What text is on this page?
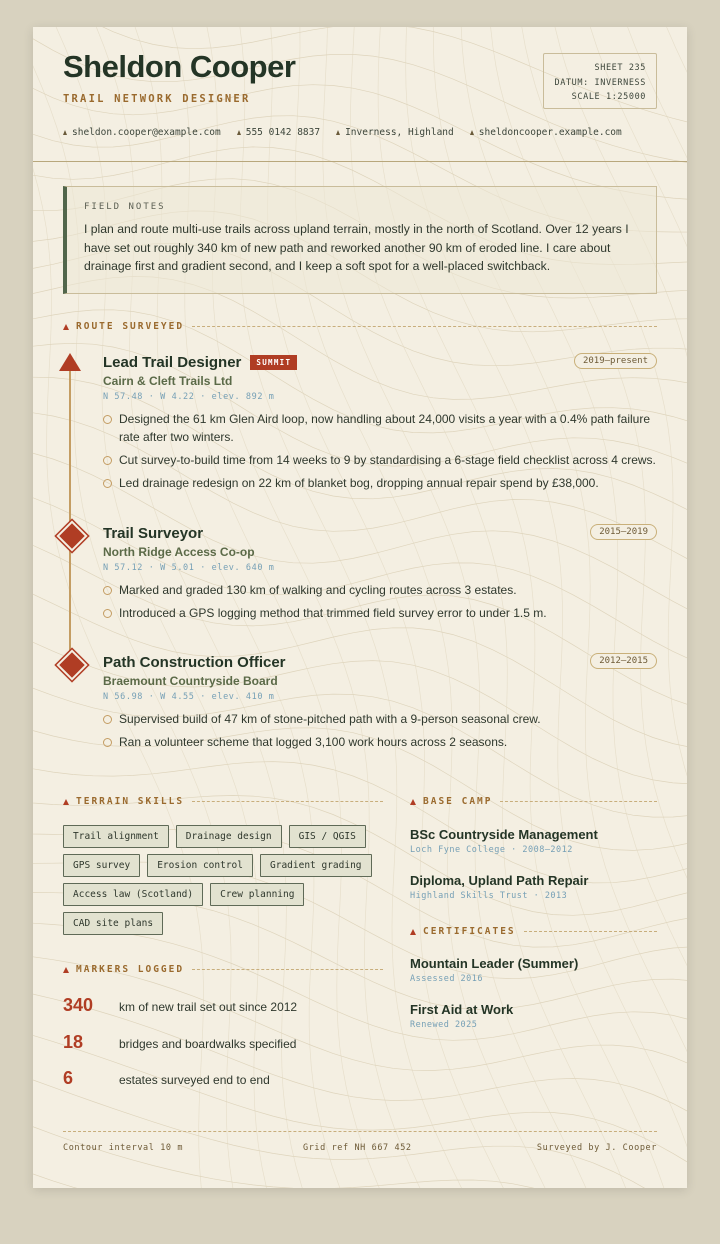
Sheldon Cooper
TRAIL NETWORK DESIGNER
SHEET 235
DATUM: INVERNESS
SCALE 1:25000
sheldon.cooper@example.com	555 0142 8837	Inverness, Highland	sheldoncooper.example.com
FIELD NOTES
I plan and route multi-use trails across upland terrain, mostly in the north of Scotland. Over 12 years I have set out roughly 340 km of new path and reworked another 90 km of eroded line. I care about drainage first and gradient second, and I keep a soft spot for a well-placed switchback.
ROUTE SURVEYED
Lead Trail Designer	SUMMIT	2019–present
Cairn & Cleft Trails Ltd
N 57.48 · W 4.22 · elev. 892 m
Designed the 61 km Glen Aird loop, now handling about 24,000 visits a year with a 0.4% path failure rate after two winters.
Cut survey-to-build time from 14 weeks to 9 by standardising a 6-stage field checklist across 4 crews.
Led drainage redesign on 22 km of blanket bog, dropping annual repair spend by £38,000.
Trail Surveyor	2015–2019
North Ridge Access Co-op
N 57.12 · W 5.01 · elev. 640 m
Marked and graded 130 km of walking and cycling routes across 3 estates.
Introduced a GPS logging method that trimmed field survey error to under 1.5 m.
Path Construction Officer	2012–2015
Braemount Countryside Board
N 56.98 · W 4.55 · elev. 410 m
Supervised build of 47 km of stone-pitched path with a 9-person seasonal crew.
Ran a volunteer scheme that logged 3,100 work hours across 2 seasons.
TERRAIN SKILLS
Trail alignment	Drainage design	GIS / QGIS
GPS survey	Erosion control	Gradient grading
Access law (Scotland)	Crew planning
CAD site plans
MARKERS LOGGED
340	km of new trail set out since 2012
18	bridges and boardwalks specified
6	estates surveyed end to end
BASE CAMP
BSc Countryside Management
Loch Fyne College · 2008–2012
Diploma, Upland Path Repair
Highland Skills Trust · 2013
CERTIFICATES
Mountain Leader (Summer)
Assessed 2016
First Aid at Work
Renewed 2025
Contour interval 10 m	Grid ref NH 667 452	Surveyed by J. Cooper
